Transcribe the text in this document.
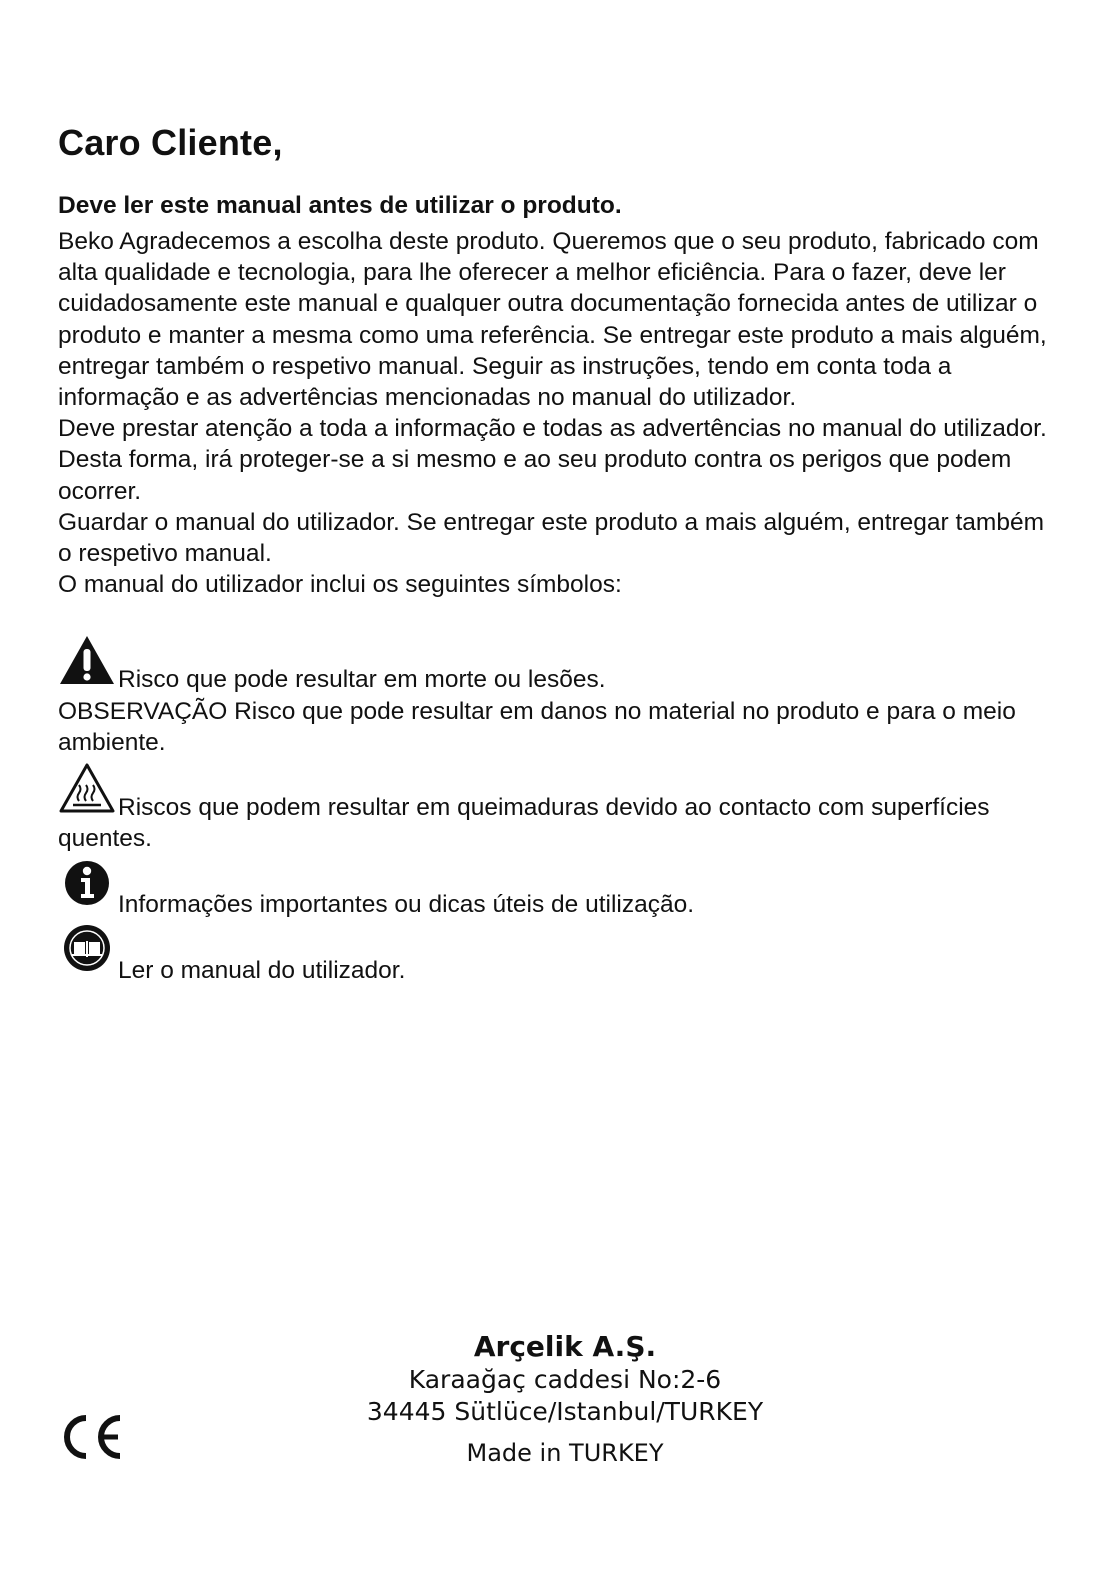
Caro Cliente,
Deve ler este manual antes de utilizar o produto.

Beko Agradecemos a escolha deste produto. Queremos que o seu produto, fabricado com alta qualidade e tecnologia, para lhe oferecer a melhor eficiência. Para o fazer, deve ler cuidadosamente este manual e qualquer outra documentação fornecida antes de utilizar o produto e manter a mesma como uma referência. Se entregar este produto a mais alguém, entregar também o respetivo manual. Seguir as instruções, tendo em conta toda a informação e as advertências mencionadas no manual do utilizador.

Deve prestar atenção a toda a informação e todas as advertências no manual do utilizador. Desta forma, irá proteger-se a si mesmo e ao seu produto contra os perigos que podem ocorrer.

Guardar o manual do utilizador. Se entregar este produto a mais alguém, entregar também o respetivo manual.

O manual do utilizador inclui os seguintes símbolos:

Risco que pode resultar em morte ou lesões.
OBSERVAÇÃO Risco que pode resultar em danos no material no produto e para o meio ambiente.
Riscos que podem resultar em queimaduras devido ao contacto com superfícies quentes.
Informações importantes ou dicas úteis de utilização.
Ler o manual do utilizador.
Arçelik A.Ş.
Karaağaç caddesi No:2-6
34445 Sütlüce/Istanbul/TURKEY
Made in TURKEY
